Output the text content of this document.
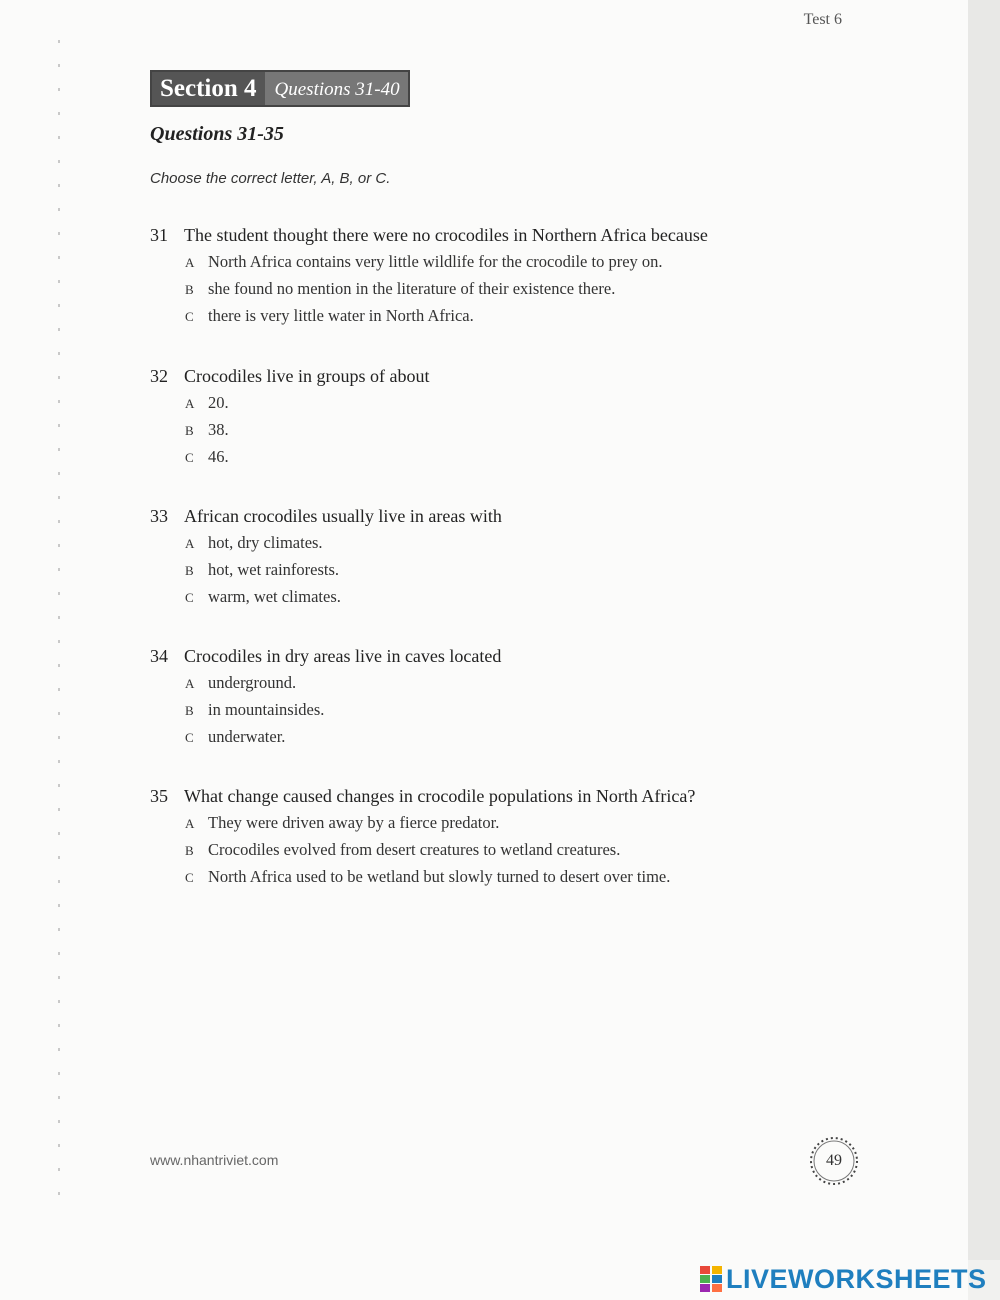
Test 6
Section 4 Questions 31-40
Questions 31-35
Choose the correct letter, A, B, or C.
31 The student thought there were no crocodiles in Northern Africa because
A North Africa contains very little wildlife for the crocodile to prey on.
B she found no mention in the literature of their existence there.
C there is very little water in North Africa.
32 Crocodiles live in groups of about
A 20.
B 38.
C 46.
33 African crocodiles usually live in areas with
A hot, dry climates.
B hot, wet rainforests.
C warm, wet climates.
34 Crocodiles in dry areas live in caves located
A underground.
B in mountainsides.
C underwater.
35 What change caused changes in crocodile populations in North Africa?
A They were driven away by a fierce predator.
B Crocodiles evolved from desert creatures to wetland creatures.
C North Africa used to be wetland but slowly turned to desert over time.
www.nhantriviet.com	49
LIVEWORKSHEETS
